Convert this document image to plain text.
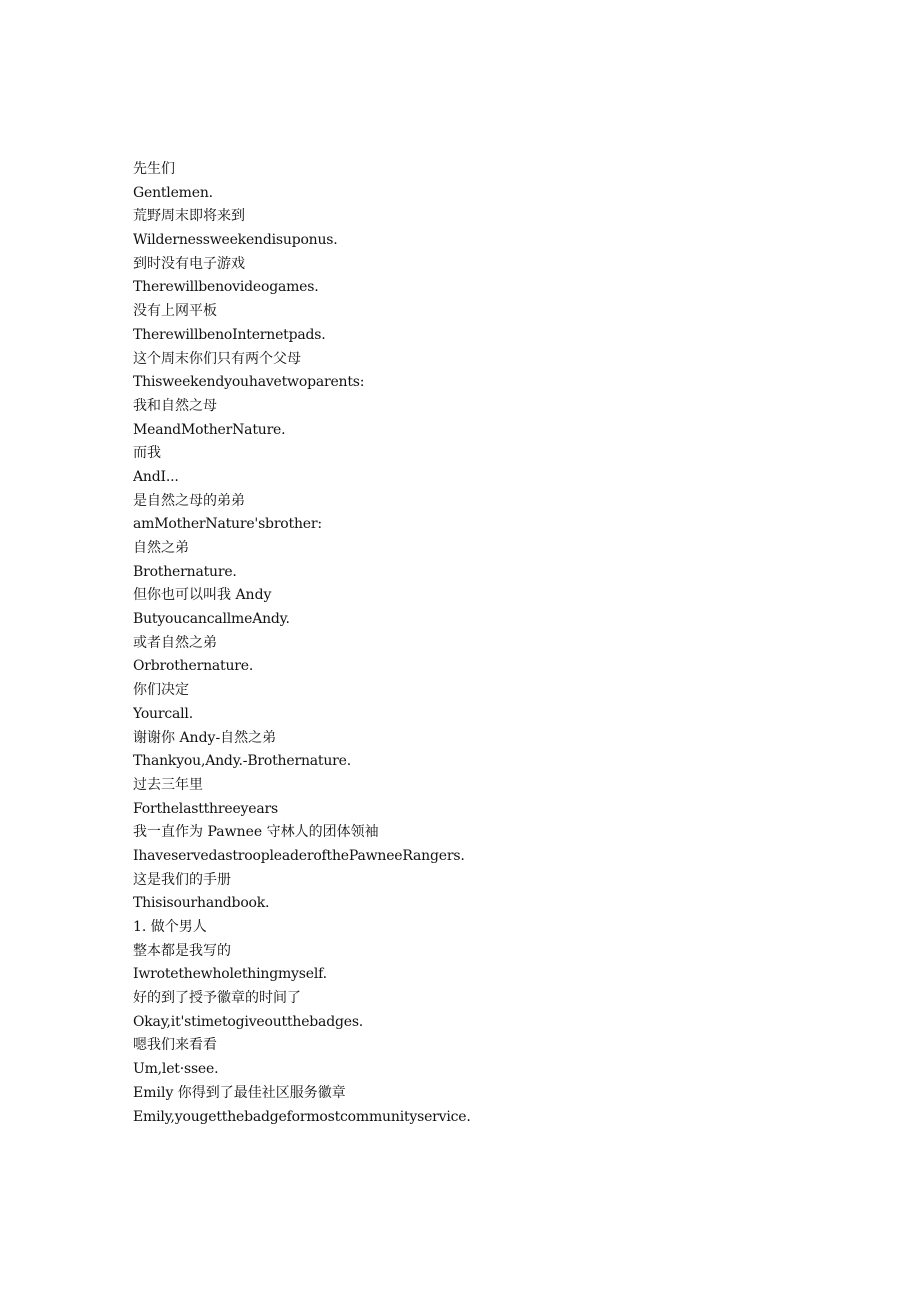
先生们
Gentlemen.
荒野周末即将来到
Wildernessweekendisuponus.
到时没有电子游戏
Therewillbenovideogames.
没有上网平板
TherewillbenoInternetpads.
这个周末你们只有两个父母
Thisweekendyouhavetwoparents:
我和自然之母
MeandMotherNature.
而我
AndI...
是自然之母的弟弟
amMotherNature'sbrother:
自然之弟
Brothernature.
但你也可以叫我 Andy
ButyoucancallmeAndy.
或者自然之弟
Orbrothernature.
你们决定
Yourcall.
谢谢你 Andy-自然之弟
Thankyou,Andy.-Brothernature.
过去三年里
Forthelastthreeyears
我一直作为 Pawnee 守林人的团体领袖
IhaveservedastroopleaderofthePawneeRangers.
这是我们的手册
Thisisourhandbook.
1. 做个男人
整本都是我写的
Iwrotethewholethingmyself.
好的到了授予徽章的时间了
Okay,it'stimetogiveoutthebadges.
嗯我们来看看
Um,let·ssee.
Emily 你得到了最佳社区服务徽章
Emily,yougetthebadgeformostcommunityservice.
